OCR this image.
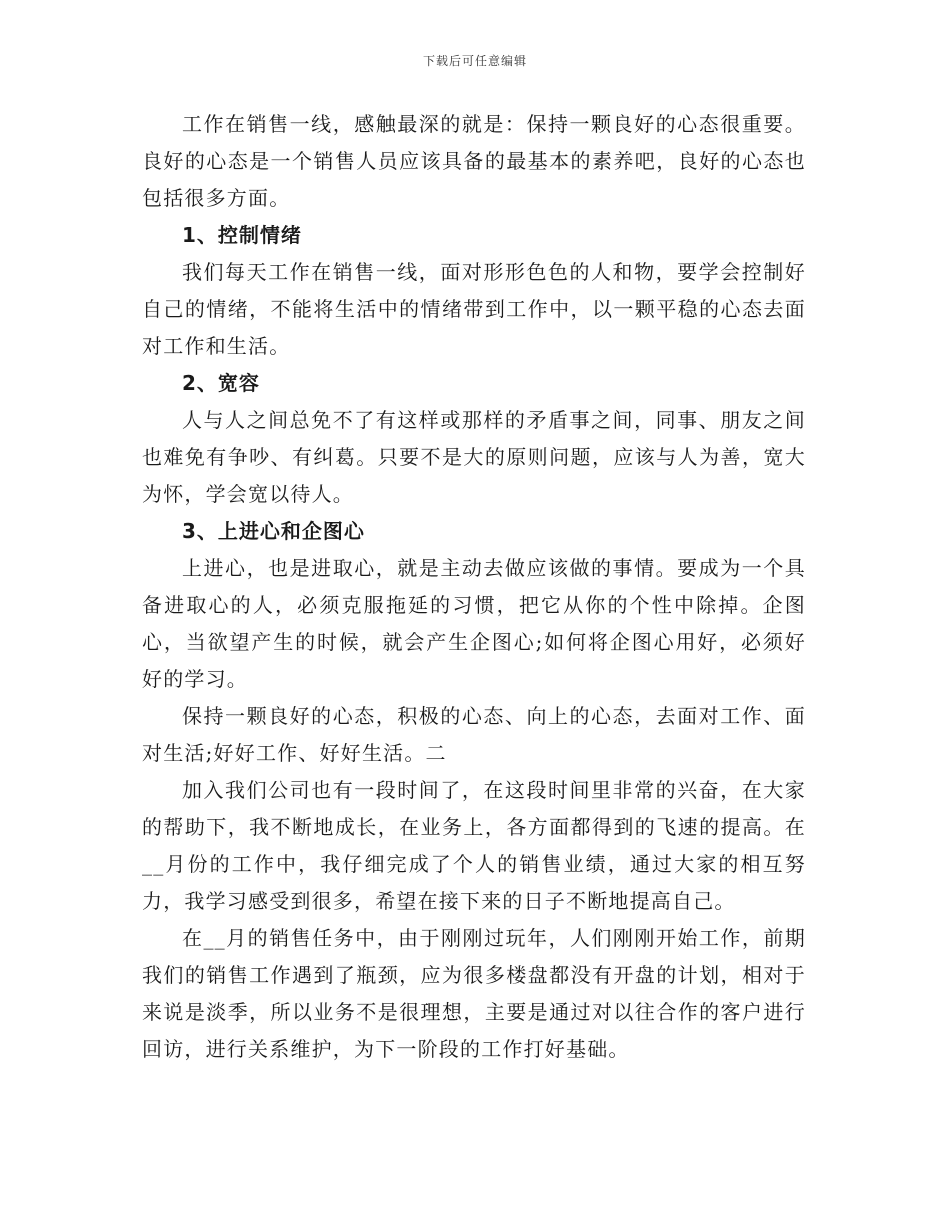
下载后可任意编辑

工作在销售一线，感触最深的就是：保持一颗良好的心态很重要。良好的心态是一个销售人员应该具备的最基本的素养吧，良好的心态也包括很多方面。

1、控制情绪

我们每天工作在销售一线，面对形形色色的人和物，要学会控制好自己的情绪，不能将生活中的情绪带到工作中，以一颗平稳的心态去面对工作和生活。

2、宽容

人与人之间总免不了有这样或那样的矛盾事之间，同事、朋友之间也难免有争吵、有纠葛。只要不是大的原则问题，应该与人为善，宽大为怀，学会宽以待人。

3、上进心和企图心

上进心，也是进取心，就是主动去做应该做的事情。要成为一个具备进取心的人，必须克服拖延的习惯，把它从你的个性中除掉。企图心，当欲望产生的时候，就会产生企图心;如何将企图心用好，必须好好的学习。

保持一颗良好的心态，积极的心态、向上的心态，去面对工作、面对生活;好好工作、好好生活。二

加入我们公司也有一段时间了，在这段时间里非常的兴奋，在大家的帮助下，我不断地成长，在业务上，各方面都得到的飞速的提高。在__月份的工作中，我仔细完成了个人的销售业绩，通过大家的相互努力，我学习感受到很多，希望在接下来的日子不断地提高自己。

在__月的销售任务中，由于刚刚过玩年，人们刚刚开始工作，前期我们的销售工作遇到了瓶颈，应为很多楼盘都没有开盘的计划，相对于来说是淡季，所以业务不是很理想，主要是通过对以往合作的客户进行回访，进行关系维护，为下一阶段的工作打好基础。
